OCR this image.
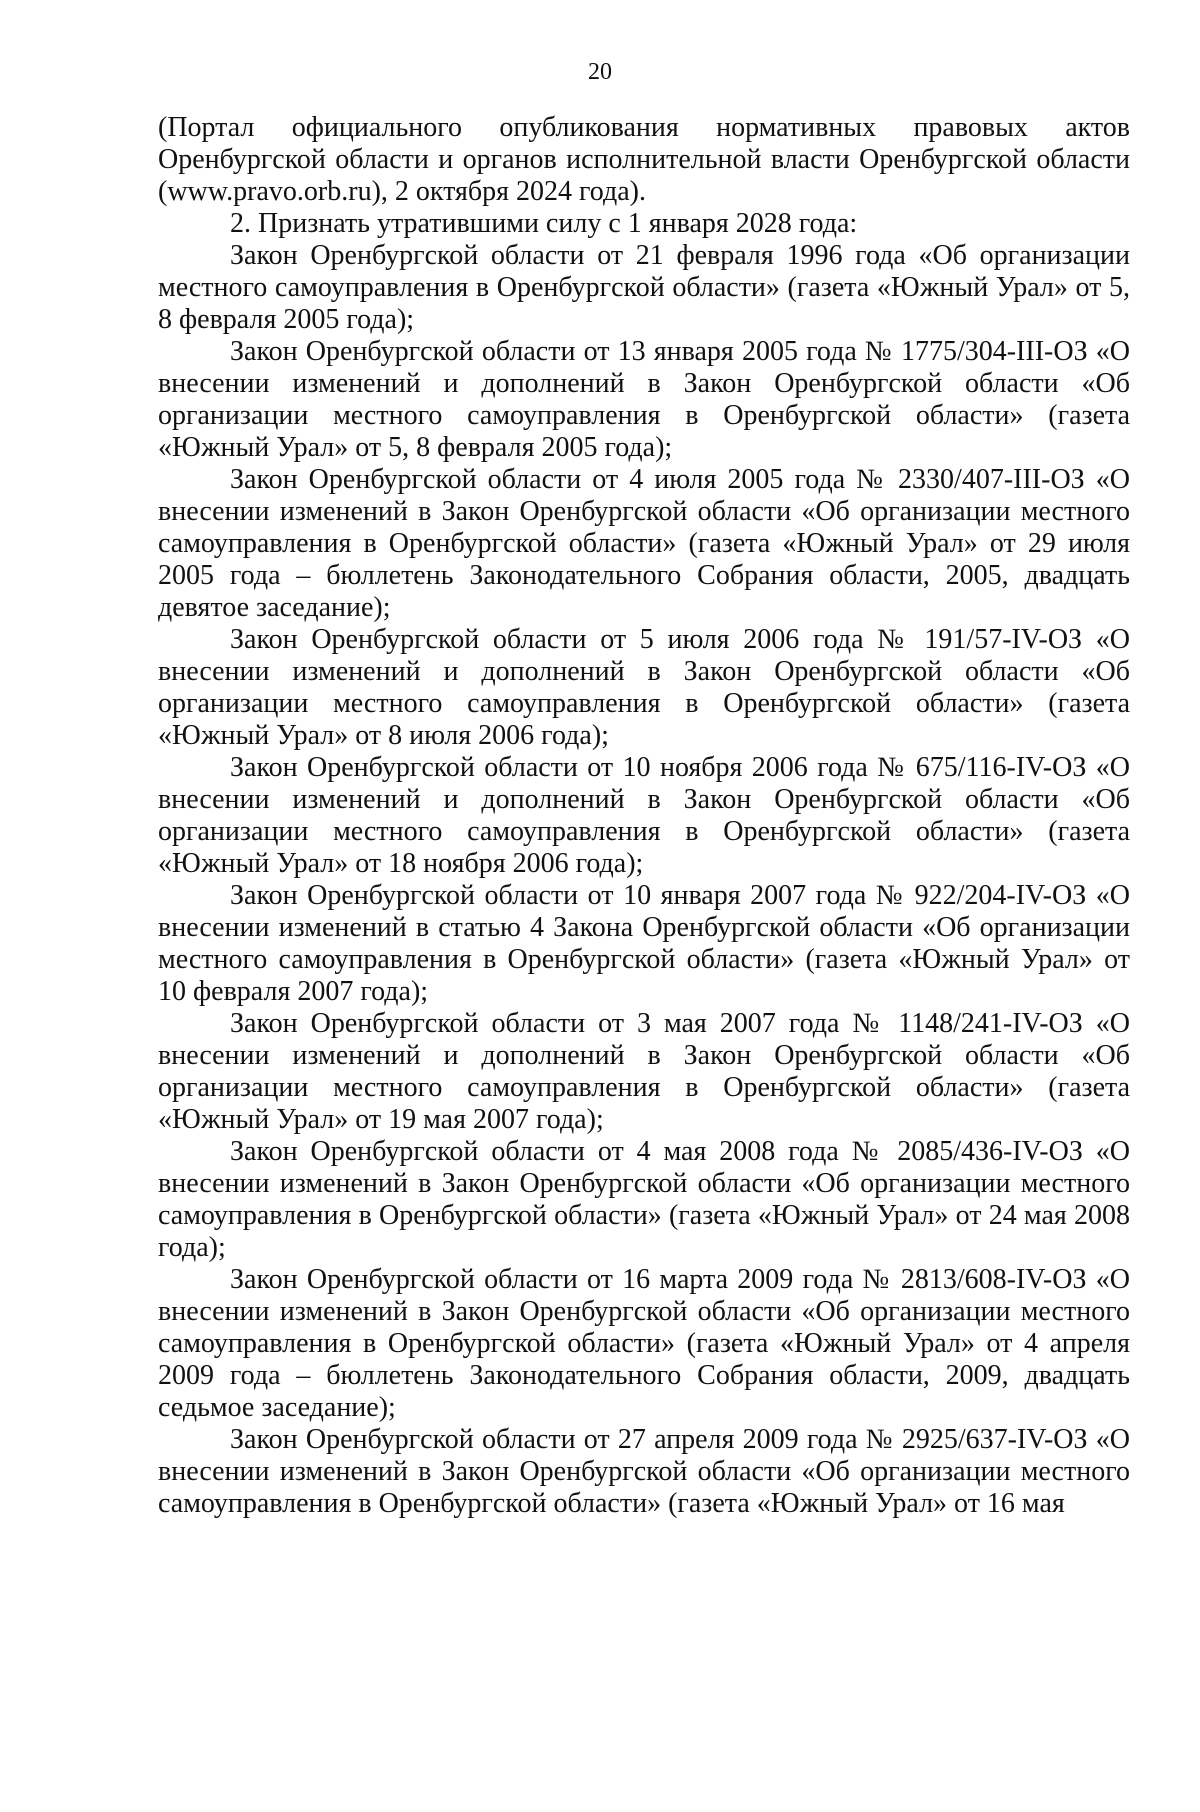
20

(Портал официального опубликования нормативных правовых актов Оренбургской области и органов исполнительной власти Оренбургской области (www.pravo.orb.ru), 2 октября 2024 года).

2. Признать утратившими силу с 1 января 2028 года:

Закон Оренбургской области от 21 февраля 1996 года «Об организации местного самоуправления в Оренбургской области» (газета «Южный Урал» от 5, 8 февраля 2005 года);

Закон Оренбургской области от 13 января 2005 года № 1775/304-III-ОЗ «О внесении изменений и дополнений в Закон Оренбургской области «Об организации местного самоуправления в Оренбургской области» (газета «Южный Урал» от 5, 8 февраля 2005 года);

Закон Оренбургской области от 4 июля 2005 года № 2330/407-III-ОЗ «О внесении изменений в Закон Оренбургской области «Об организации местного самоуправления в Оренбургской области» (газета «Южный Урал» от 29 июля 2005 года – бюллетень Законодательного Собрания области, 2005, двадцать девятое заседание);

Закон Оренбургской области от 5 июля 2006 года № 191/57-IV-ОЗ «О внесении изменений и дополнений в Закон Оренбургской области «Об организации местного самоуправления в Оренбургской области» (газета «Южный Урал» от 8 июля 2006 года);

Закон Оренбургской области от 10 ноября 2006 года № 675/116-IV-ОЗ «О внесении изменений и дополнений в Закон Оренбургской области «Об организации местного самоуправления в Оренбургской области» (газета «Южный Урал» от 18 ноября 2006 года);

Закон Оренбургской области от 10 января 2007 года № 922/204-IV-ОЗ «О внесении изменений в статью 4 Закона Оренбургской области «Об организации местного самоуправления в Оренбургской области» (газета «Южный Урал» от 10 февраля 2007 года);

Закон Оренбургской области от 3 мая 2007 года № 1148/241-IV-ОЗ «О внесении изменений и дополнений в Закон Оренбургской области «Об организации местного самоуправления в Оренбургской области» (газета «Южный Урал» от 19 мая 2007 года);

Закон Оренбургской области от 4 мая 2008 года № 2085/436-IV-ОЗ «О внесении изменений в Закон Оренбургской области «Об организации местного самоуправления в Оренбургской области» (газета «Южный Урал» от 24 мая 2008 года);

Закон Оренбургской области от 16 марта 2009 года № 2813/608-IV-ОЗ «О внесении изменений в Закон Оренбургской области «Об организации местного самоуправления в Оренбургской области» (газета «Южный Урал» от 4 апреля 2009 года – бюллетень Законодательного Собрания области, 2009, двадцать седьмое заседание);

Закон Оренбургской области от 27 апреля 2009 года № 2925/637-IV-ОЗ «О внесении изменений в Закон Оренбургской области «Об организации местного самоуправления в Оренбургской области» (газета «Южный Урал» от 16 мая
